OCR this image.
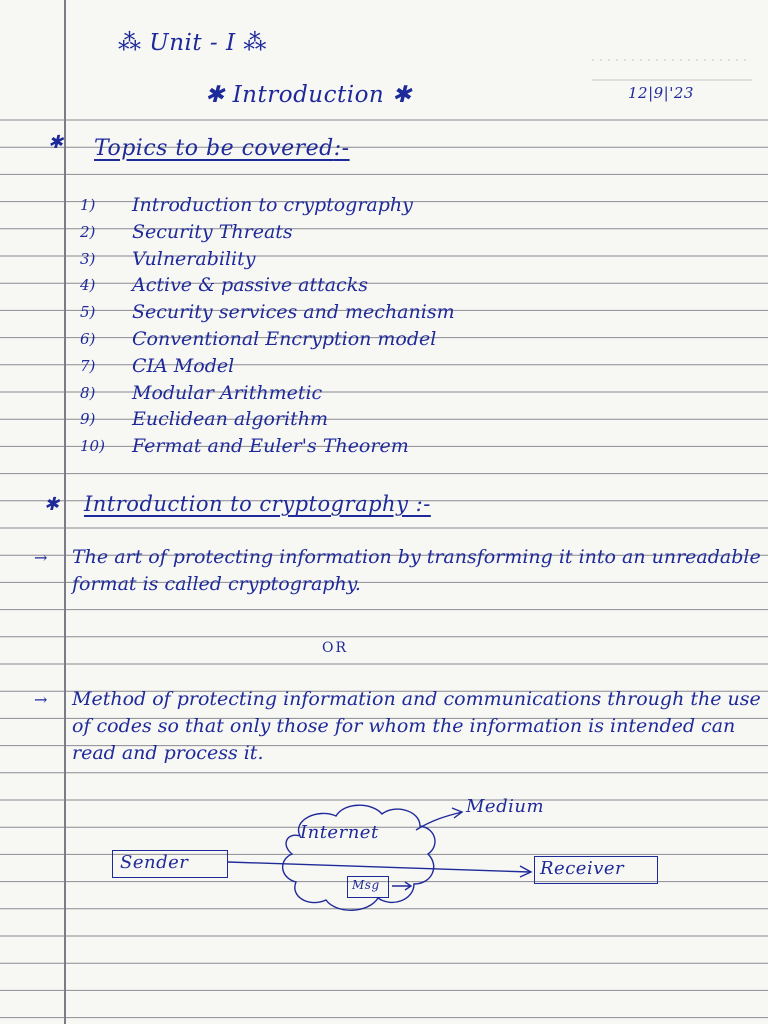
⁂ Unit - I ⁂
✱ Introduction ✱	12|9|'23
✱ Topics to be covered:-
1)	Introduction to cryptography
2)	Security Threats
3)	Vulnerability
4)	Active & passive attacks
5)	Security services and mechanism
6)	Conventional Encryption model
7)	CIA Model
8)	Modular Arithmetic
9)	Euclidean algorithm
10)	Fermat and Euler's Theorem
✱ Introduction to cryptography :-
→ The art of protecting information by transforming it into an unreadable format is called cryptography.
OR
→ Method of protecting information and communications through the use of codes so that only those for whom the information is intended can read and process it.
Sender	Receiver
Internet
Medium
Msg
